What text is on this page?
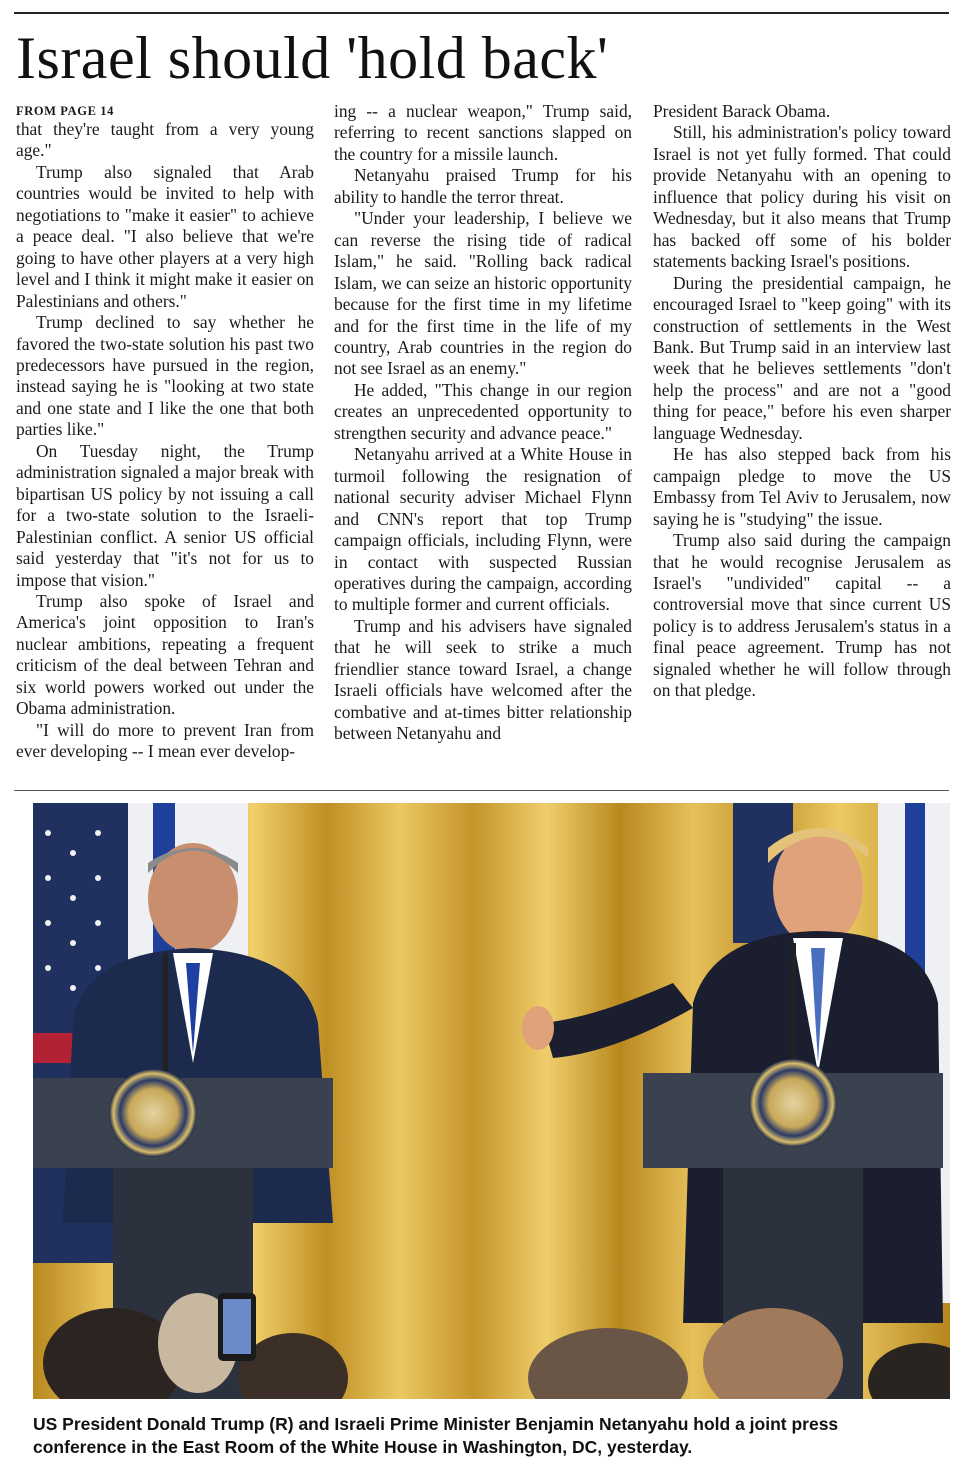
Israel should 'hold back'
FROM PAGE 14

that they're taught from a very young age."

Trump also signaled that Arab countries would be invited to help with negotiations to "make it easier" to achieve a peace deal. "I also believe that we're going to have other players at a very high level and I think it might make it easier on Palestinians and others."

Trump declined to say whether he favored the two-state solution his past two predecessors have pursued in the region, instead saying he is "looking at two state and one state and I like the one that both parties like."

On Tuesday night, the Trump administration signaled a major break with bipartisan US policy by not issuing a call for a two-state solution to the Israeli-Palestinian conflict. A senior US official said yesterday that "it's not for us to impose that vision."

Trump also spoke of Israel and America's joint opposition to Iran's nuclear ambitions, repeating a frequent criticism of the deal between Tehran and six world powers worked out under the Obama administration.

"I will do more to prevent Iran from ever developing -- I mean ever develop-

ing -- a nuclear weapon," Trump said, referring to recent sanctions slapped on the country for a missile launch.

Netanyahu praised Trump for his ability to handle the terror threat.

"Under your leadership, I believe we can reverse the rising tide of radical Islam," he said. "Rolling back radical Islam, we can seize an historic opportunity because for the first time in my lifetime and for the first time in the life of my country, Arab countries in the region do not see Israel as an enemy."

He added, "This change in our region creates an unprecedented opportunity to strengthen security and advance peace."

Netanyahu arrived at a White House in turmoil following the resignation of national security adviser Michael Flynn and CNN's report that top Trump campaign officials, including Flynn, were in contact with suspected Russian operatives during the campaign, according to multiple former and current officials.

Trump and his advisers have signaled that he will seek to strike a much friendlier stance toward Israel, a change Israeli officials have welcomed after the combative and at-times bitter relationship between Netanyahu and

President Barack Obama.

Still, his administration's policy toward Israel is not yet fully formed. That could provide Netanyahu with an opening to influence that policy during his visit on Wednesday, but it also means that Trump has backed off some of his bolder statements backing Israel's positions.

During the presidential campaign, he encouraged Israel to "keep going" with its construction of settlements in the West Bank. But Trump said in an interview last week that he believes settlements "don't help the process" and are not a "good thing for peace," before his even sharper language Wednesday.

He has also stepped back from his campaign pledge to move the US Embassy from Tel Aviv to Jerusalem, now saying he is "studying" the issue.

Trump also said during the campaign that he would recognise Jerusalem as Israel's "undivided" capital -- a controversial move that since current US policy is to address Jerusalem's status in a final peace agreement. Trump has not signaled whether he will follow through on that pledge.

US President Donald Trump (R) and Israeli Prime Minister Benjamin Netanyahu hold a joint press conference in the East Room of the White House in Washington, DC, yesterday.
